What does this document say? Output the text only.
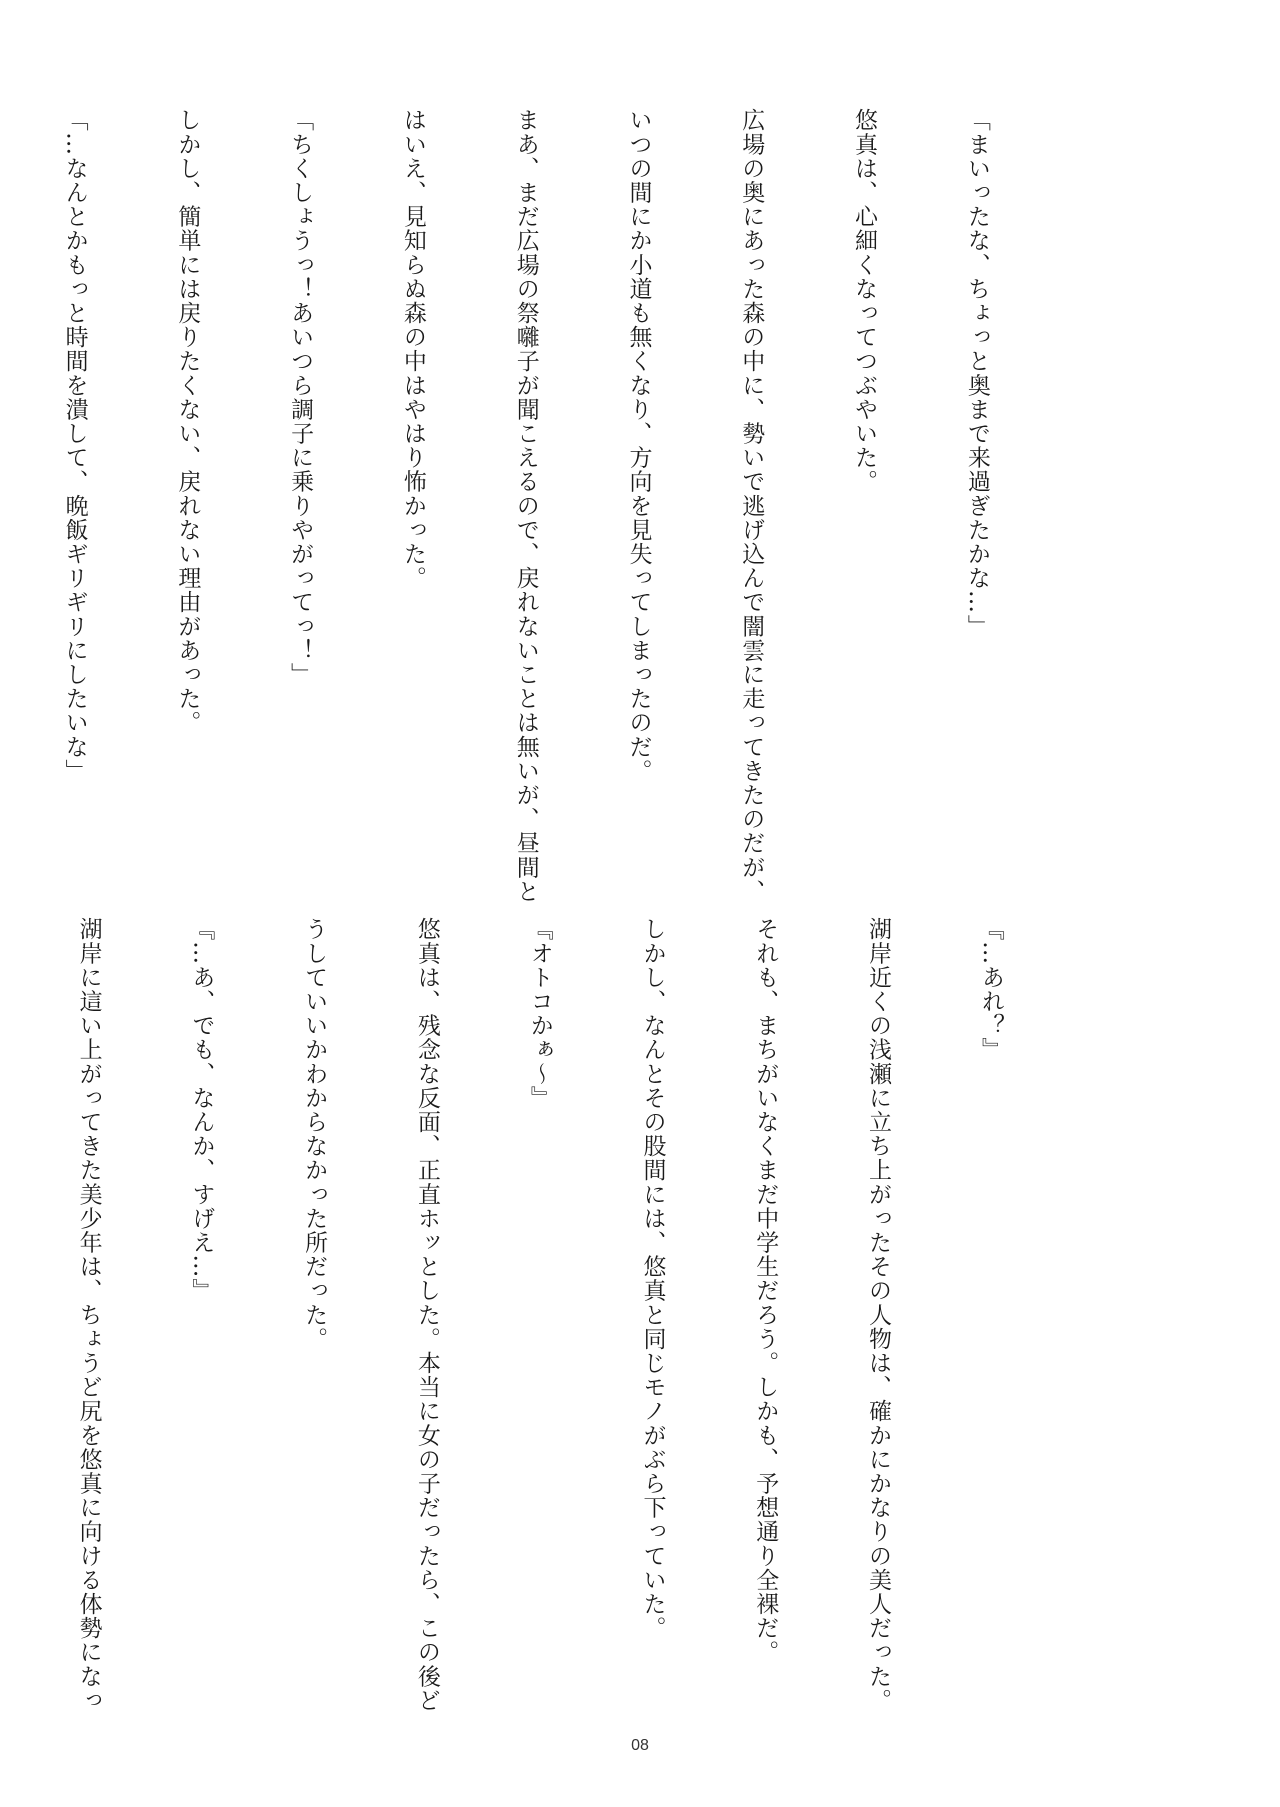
「まいったな、ちょっと奥まで来過ぎたかな…」

悠真は、心細くなってつぶやいた。

広場の奥にあった森の中に、勢いで逃げ込んで闇雲に走ってきたのだが、

いつの間にか小道も無くなり、方向を見失ってしまったのだ。

まあ、まだ広場の祭囃子が聞こえるので、戻れないことは無いが、昼間と

はいえ、見知らぬ森の中はやはり怖かった。

「ちくしょうっ！あいつら調子に乗りやがってっ！」

しかし、簡単には戻りたくない、戻れない理由があった。

「…なんとかもっと時間を潰して、晩飯ギリギリにしたいな」

『…あれ？』

湖岸近くの浅瀬に立ち上がったその人物は、確かにかなりの美人だった。

それも、まちがいなくまだ中学生だろう。しかも、予想通り全裸だ。

しかし、なんとその股間には、悠真と同じモノがぶら下っていた。

『オトコかぁ〜』

悠真は、残念な反面、正直ホッとした。本当に女の子だったら、この後ど

うしていいかわからなかった所だった。

『…あ、でも、なんか、すげえ…』

湖岸に這い上がってきた美少年は、ちょうど尻を悠真に向ける体勢になっ

08
